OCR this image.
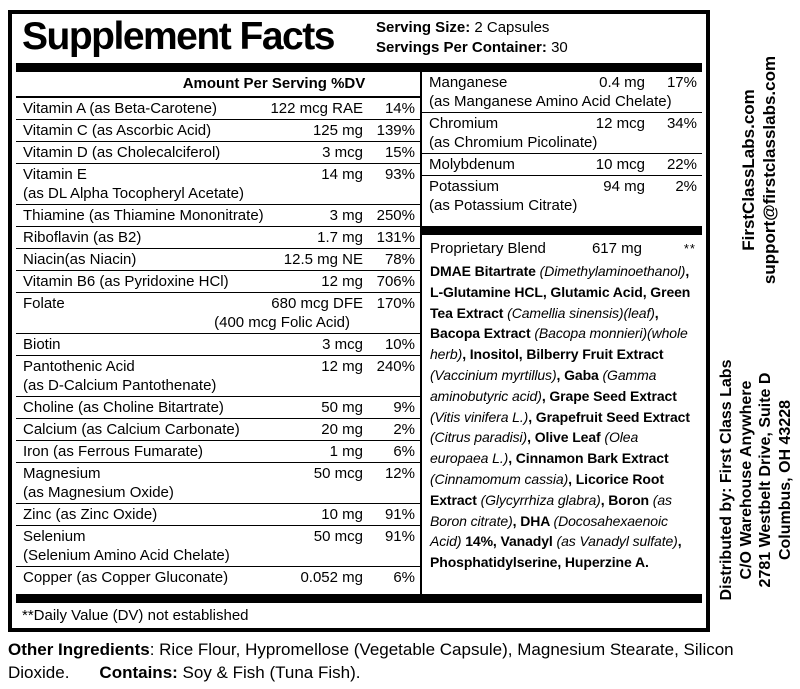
Supplement Facts	Serving Size: 2 Capsules
Servings Per Container: 30
Amount Per Serving %DV
Vitamin A (as Beta-Carotene)	122 mcg RAE	14%
Vitamin C (as Ascorbic Acid)	125 mg 139%
Vitamin D (as Cholecalciferol)	3 mcg	15%
Vitamin E	14 mg	93%
(as DL Alpha Tocopheryl Acetate)
Thiamine (as Thiamine Mononitrate)	3 mg 250%
Riboflavin (as B2)	1.7 mg 131%
Niacin(as Niacin)	12.5 mg NE	78%
Vitamin B6 (as Pyridoxine HCl)	12 mg 706%
Folate	680 mcg DFE 170%
(400 mcg Folic Acid)
Biotin	3 mcg	10%
Pantothenic Acid	12 mg 240%
(as D-Calcium Pantothenate)
Choline (as Choline Bitartrate)	50 mg	9%
Calcium (as Calcium Carbonate)	20 mg	2%
Iron (as Ferrous Fumarate)	1 mg	6%
Magnesium	50 mcg	12%
(as Magnesium Oxide)
Zinc (as Zinc Oxide)	10 mg	91%
Selenium	50 mcg	91%
(Selenium Amino Acid Chelate)
Copper (as Copper Gluconate)	0.052 mg	6%
Manganese	0.4 mg	17%
(as Manganese Amino Acid Chelate)
Chromium	12 mcg	34%
(as Chromium Picolinate)
Molybdenum	10 mcg	22%
Potassium	94 mg	2%
(as Potassium Citrate)
Proprietary Blend	617 mg	**
DMAE Bitartrate (Dimethylaminoethanol), L-Glutamine HCL, Glutamic Acid, Green Tea Extract (Camellia sinensis)(leaf), Bacopa Extract (Bacopa monnieri)(whole herb), Inositol, Bilberry Fruit Extract (Vaccinium myrtillus), Gaba (Gamma aminobutyric acid), Grape Seed Extract (Vitis vinifera L.), Grapefruit Seed Extract (Citrus paradisi), Olive Leaf (Olea europaea L.), Cinnamon Bark Extract (Cinnamomum cassia), Licorice Root Extract (Glycyrrhiza glabra), Boron (as Boron citrate), DHA (Docosahexaenoic Acid) 14%, Vanadyl (as Vanadyl sulfate), Phosphatidylserine, Huperzine A.
**Daily Value (DV) not established
FirstClassLabs.com support@firstclasslabs.com
Distributed by: First Class Labs C/O Warehouse Anywhere 2781 Westbelt Drive, Suite D Columbus, OH 43228
Other Ingredients: Rice Flour, Hypromellose (Vegetable Capsule), Magnesium Stearate, Silicon Dioxide. Contains: Soy & Fish (Tuna Fish).
